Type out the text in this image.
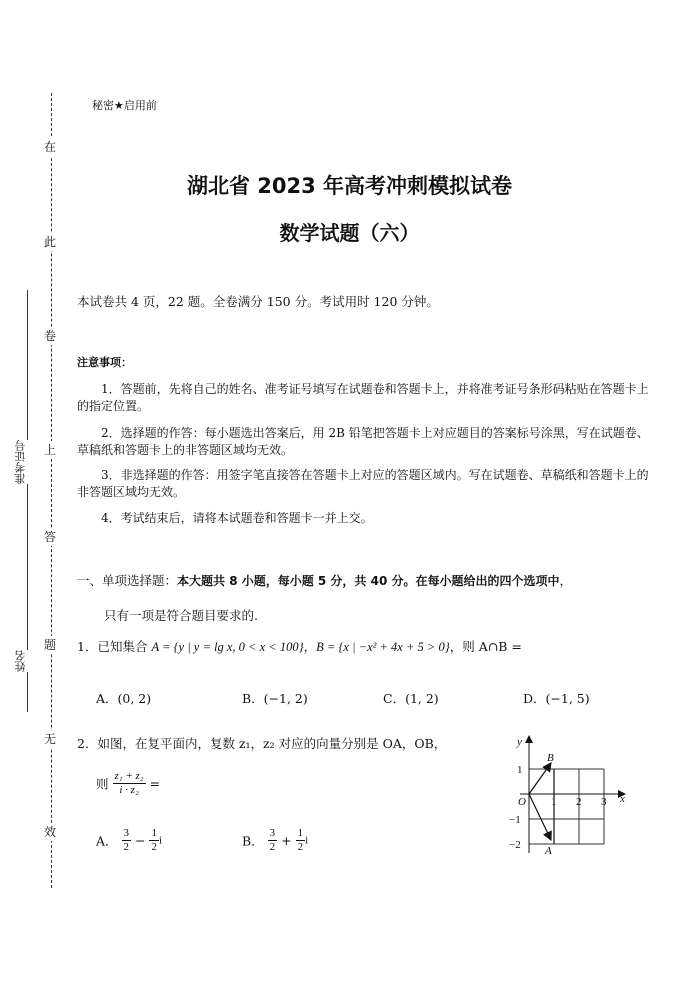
在
此
卷
上
答
题
无
效
准考证号
姓名
秘密★启用前
湖北省 2023 年高考冲刺模拟试卷
数学试题（六）
本试卷共 4 页，22 题。全卷满分 150 分。考试用时 120 分钟。
注意事项：
1．答题前，先将自己的姓名、准考证号填写在试题卷和答题卡上，并将准考证号条形码粘贴在答题卡上的指定位置。
2．选择题的作答：每小题选出答案后，用 2B 铅笔把答题卡上对应题目的答案标号涂黑，写在试题卷、草稿纸和答题卡上的非答题区域均无效。
3．非选择题的作答：用签字笔直接答在答题卡上对应的答题区域内。写在试题卷、草稿纸和答题卡上的非答题区域均无效。
4．考试结束后，请将本试题卷和答题卡一并上交。
一、单项选择题：本大题共 8 小题，每小题 5 分，共 40 分。在每小题给出的四个选项中，
只有一项是符合题目要求的.
1．已知集合 A = {y | y = lg x, 0 < x < 100}，B = {x | −x² + 4x + 5 > 0}，则 A∩B =
A．(0, 2)	B．(−1, 2)	C．(1, 2)	D．(−1, 5)
2．如图，在复平面内，复数 z₁，z₂ 对应的向量分别是 OA，OB，
则 $\frac{\text{z₁ + z₂}}{\text{i · z₂}}$ =
A． $\frac{3}{2} - \frac{1}{2}$ i	B． $\frac{3}{2} + \frac{1}{2}$ i
y
x
O 1 2 3
1
−1
−2
B
A
